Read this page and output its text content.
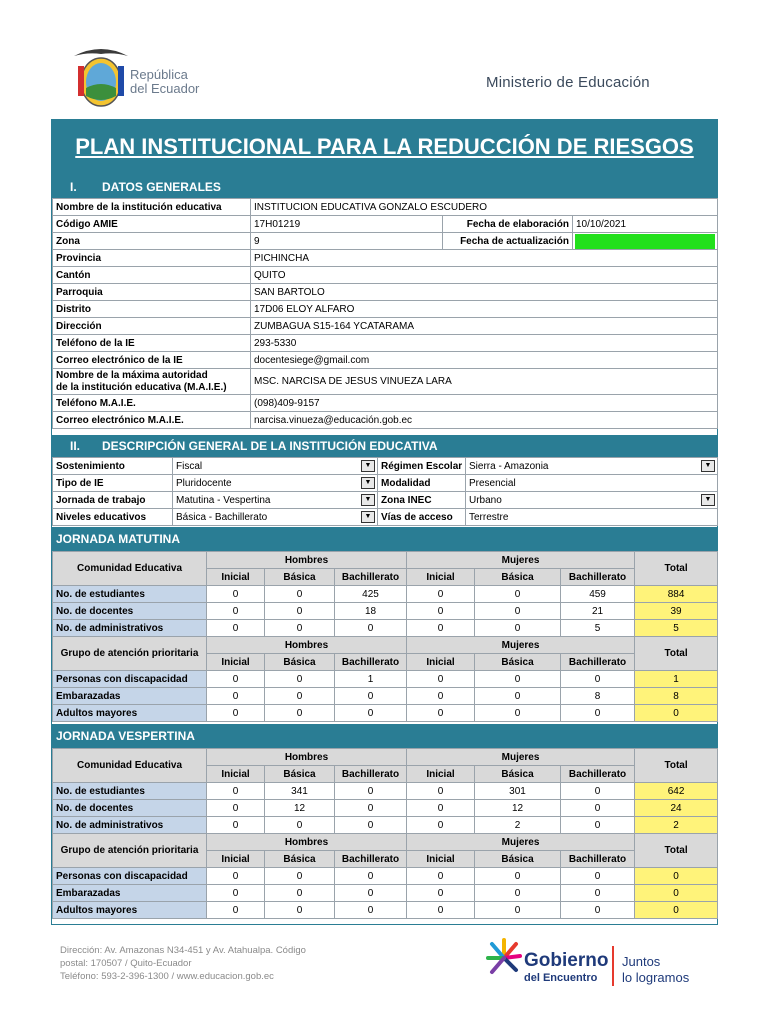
República
del Ecuador	Ministerio de Educación
PLAN INSTITUCIONAL PARA LA REDUCCIÓN DE RIESGOS
I. DATOS GENERALES
Nombre de la institución educativa	INSTITUCION EDUCATIVA GONZALO ESCUDERO		
Código AMIE	17H01219	Fecha de elaboración	10/10/2021
Zona	9	Fecha de actualización	

Provincia	PICHINCHA		
Cantón	QUITO		
Parroquia	SAN BARTOLO		
Distrito	17D06 ELOY ALFARO		
Dirección	ZUMBAGUA S15-164 YCATARAMA		
Teléfono de la IE	293-5330		
Correo electrónico de la IE	docentesiege@gmail.com		

Nombre de la máxima autoridad
de la institución educativa (M.A.I.E.)	MSC. NARCISA DE JESUS VINUEZA LARA		
Teléfono M.A.I.E.	(098)409-9157		
Correo electrónico M.A.I.E.	narcisa.vinueza@educación.gob.ec		
II. DESCRIPCIÓN GENERAL DE LA INSTITUCIÓN EDUCATIVA
Sostenimiento	Fiscal ▼	Régimen Escolar	Sierra - Amazonia ▼

Tipo de IE	Pluridocente ▼	Modalidad	Presencial
Jornada de trabajo	Matutina - Vespertina ▼	Zona INEC	Urbano ▼

Niveles educativos	Básica - Bachillerato ▼	Vías de acceso	Terrestre
JORNADA MATUTINA
Comunidad Educativa	Hombres			Mujeres			Total
	Inicial	Básica	Bachillerato	Inicial	Básica	Bachillerato	
No. de estudiantes	0	0	425	0	0	459	884
No. de docentes	0	0	18	0	0	21	39
No. de administrativos	0	0	0	0	0	5	5
Grupo de atención prioritaria	Hombres			Mujeres			Total
	Inicial	Básica	Bachillerato	Inicial	Básica	Bachillerato	
Personas con discapacidad	0	0	1	0	0	0	1
Embarazadas	0	0	0	0	0	8	8
Adultos mayores	0	0	0	0	0	0	0
JORNADA VESPERTINA
Comunidad Educativa	Hombres			Mujeres			Total
	Inicial	Básica	Bachillerato	Inicial	Básica	Bachillerato	
No. de estudiantes	0	341	0	0	301	0	642
No. de docentes	0	12	0	0	12	0	24
No. de administrativos	0	0	0	0	2	0	2
Grupo de atención prioritaria	Hombres			Mujeres			Total
	Inicial	Básica	Bachillerato	Inicial	Básica	Bachillerato	
Personas con discapacidad	0	0	0	0	0	0	0
Embarazadas	0	0	0	0	0	0	0
Adultos mayores	0	0	0	0	0	0	0
Dirección: Av. Amazonas N34-451 y Av. Atahualpa. Código
postal: 170507 / Quito-Ecuador
Teléfono: 593-2-396-1300 / www.educacion.gob.ec
Gobierno
del Encuentro
Juntos
lo logramos
